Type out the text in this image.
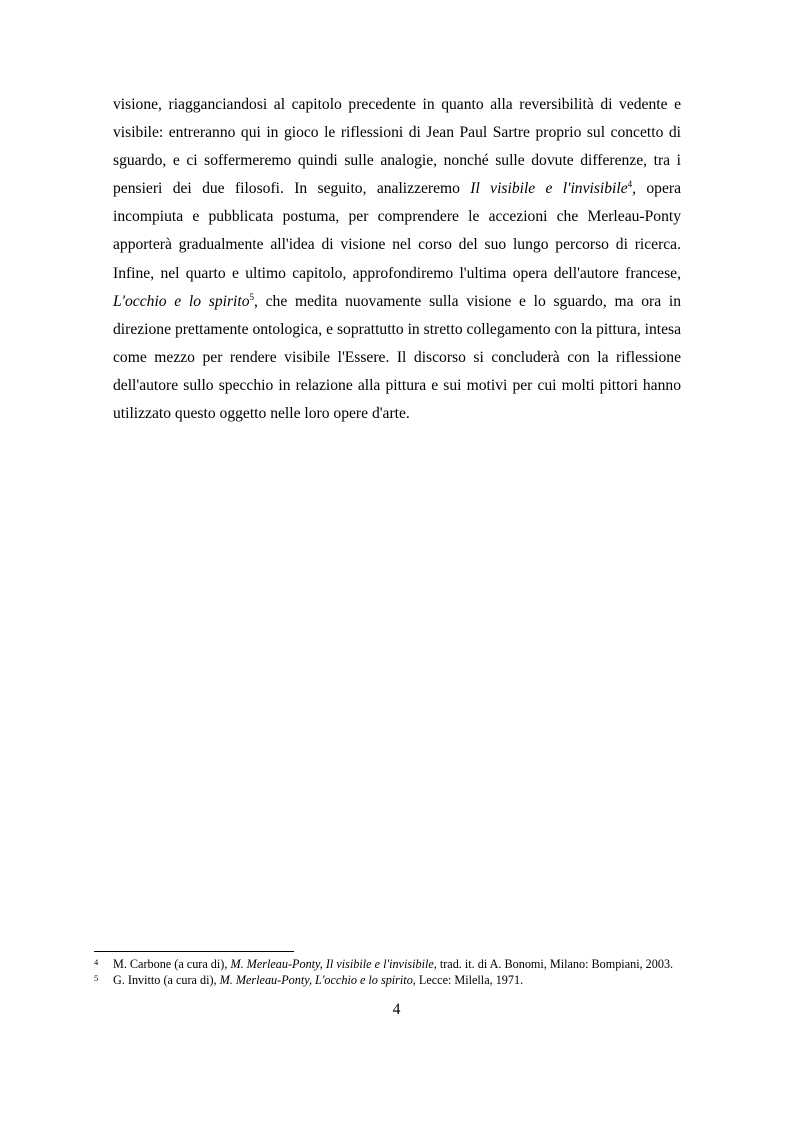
visione, riagganciandosi al capitolo precedente in quanto alla reversibilità di vedente e visibile: entreranno qui in gioco le riflessioni di Jean Paul Sartre proprio sul concetto di sguardo, e ci soffermeremo quindi sulle analogie, nonché sulle dovute differenze, tra i pensieri dei due filosofi. In seguito, analizzeremo Il visibile e l'invisibile$^4$, opera incompiuta e pubblicata postuma, per comprendere le accezioni che Merleau-Ponty apporterà gradualmente all'idea di visione nel corso del suo lungo percorso di ricerca. Infine, nel quarto e ultimo capitolo, approfondiremo l'ultima opera dell'autore francese, L'occhio e lo spirito$^5$, che medita nuovamente sulla visione e lo sguardo, ma ora in direzione prettamente ontologica, e soprattutto in stretto collegamento con la pittura, intesa come mezzo per rendere visibile l'Essere. Il discorso si concluderà con la riflessione dell'autore sullo specchio in relazione alla pittura e sui motivi per cui molti pittori hanno utilizzato questo oggetto nelle loro opere d'arte.

4 M. Carbone (a cura di), M. Merleau-Ponty, Il visibile e l'invisibile, trad. it. di A. Bonomi, Milano: Bompiani, 2003.

5 G. Invitto (a cura di), M. Merleau-Ponty, L'occhio e lo spirito, Lecce: Milella, 1971.

4
